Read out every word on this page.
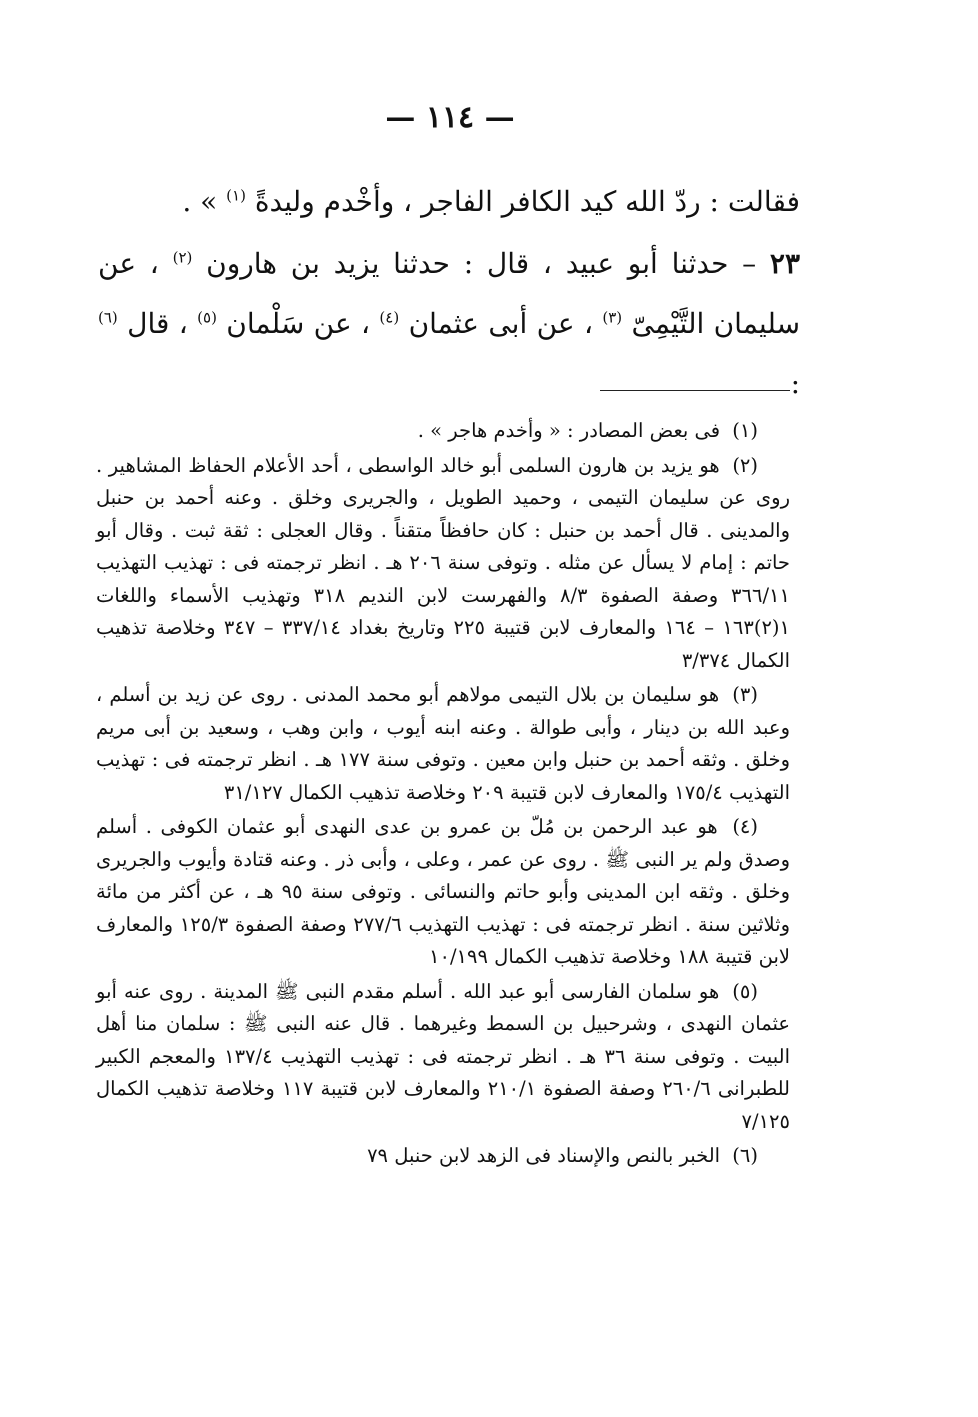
— ١١٤ —

فقالت : ردّ الله كيد الكافر الفاجر ، وأخْدم وليدةً $^{(١)}$ » .

٢٣ – حدثنا أبو عبيد ، قال : حدثنا يزيد بن هارون $^{(٢)}$ ، عن سليمان التَّيْمِىّ $^{(٣)}$ ، عن أبى عثمان $^{(٤)}$ ، عن سَلْمان $^{(٥)}$ ، قال $^{(٦)}$ :

(١) فى بعض المصادر : « وأخدم هاجر » .

(٢) هو يزيد بن هارون السلمى أبو خالد الواسطى ، أحد الأعلام الحفاظ المشاهير . روى عن سليمان التيمى ، وحميد الطويل ، والجريرى وخلق . وعنه أحمد بن حنبل والمدينى . قال أحمد بن حنبل : كان حافظاً متقناً . وقال العجلى : ثقة ثبت . وقال أبو حاتم : إمام لا يسأل عن مثله . وتوفى سنة ٢٠٦ هـ . انظر ترجمته فى : تهذيب التهذيب ٣٦٦/١١ وصفة الصفوة ٨/٣ والفهرست لابن النديم ٣١٨ وتهذيب الأسماء واللغات ١(٢)١٦٣ – ١٦٤ والمعارف لابن قتيبة ٢٢٥ وتاريخ بغداد ٣٣٧/١٤ – ٣٤٧ وخلاصة تذهيب الكمال ٣/٣٧٤

(٣) هو سليمان بن بلال التيمى مولاهم أبو محمد المدنى . روى عن زيد بن أسلم ، وعبد الله بن دينار ، وأبى طوالة . وعنه ابنه أيوب ، وابن وهب ، وسعيد بن أبى مريم وخلق . وثقه أحمد بن حنبل وابن معين . وتوفى سنة ١٧٧ هـ . انظر ترجمته فى : تهذيب التهذيب ١٧٥/٤ والمعارف لابن قتيبة ٢٠٩ وخلاصة تذهيب الكمال ٣١/١٢٧

(٤) هو عبد الرحمن بن مُلّ بن عمرو بن عدى النهدى أبو عثمان الكوفى . أسلم وصدق ولم ير النبى ﷺ . روى عن عمر ، وعلى ، وأبى ذر . وعنه قتادة وأيوب والجريرى وخلق . وثقه ابن المدينى وأبو حاتم والنسائى . وتوفى سنة ٩٥ هـ ، عن أكثر من مائة وثلاثين سنة . انظر ترجمته فى : تهذيب التهذيب ٢٧٧/٦ وصفة الصفوة ١٢٥/٣ والمعارف لابن قتيبة ١٨٨ وخلاصة تذهيب الكمال ١٠/١٩٩

(٥) هو سلمان الفارسى أبو عبد الله . أسلم مقدم النبى ﷺ المدينة . روى عنه أبو عثمان النهدى ، وشرحبيل بن السمط وغيرهما . قال عنه النبى ﷺ : سلمان منا أهل البيت . وتوفى سنة ٣٦ هـ . انظر ترجمته فى : تهذيب التهذيب ١٣٧/٤ والمعجم الكبير للطبرانى ٢٦٠/٦ وصفة الصفوة ٢١٠/١ والمعارف لابن قتيبة ١١٧ وخلاصة تذهيب الكمال ٧/١٢٥

(٦) الخبر بالنص والإسناد فى الزهد لابن حنبل ٧٩
